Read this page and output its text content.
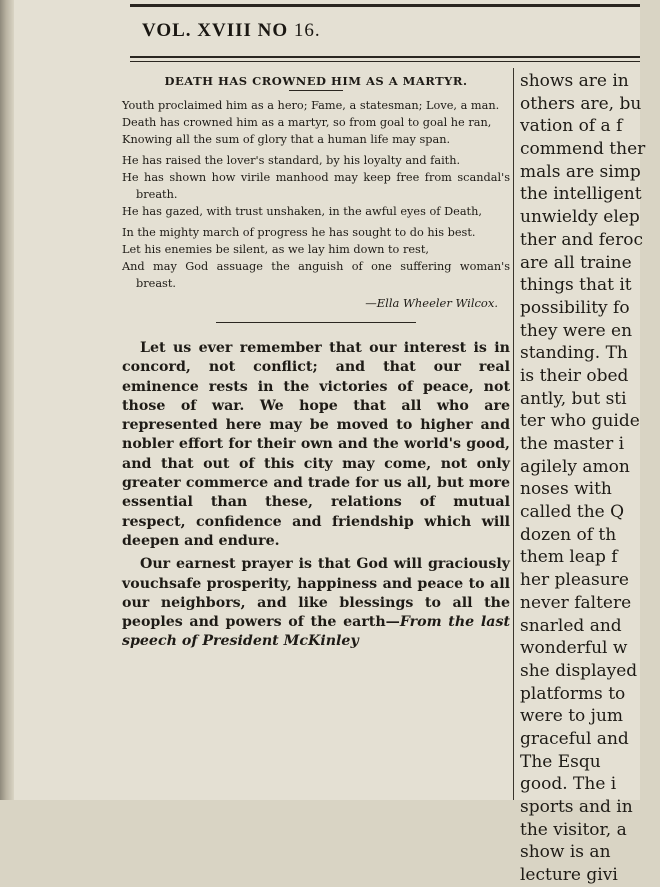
VOL. XVIII NO 16.
DEATH HAS CROWNED HIM AS A MARTYR.

Youth proclaimed him as a hero; Fame, a statesman; Love, a man.

Death has crowned him as a martyr, so from goal to goal he ran,

Knowing all the sum of glory that a human life may span.

He has raised the lover's standard, by his loyalty and faith.

He has shown how virile manhood may keep free from scandal's breath.

He has gazed, with trust unshaken, in the awful eyes of Death,

In the mighty march of progress he has sought to do his best.

Let his enemies be silent, as we lay him down to rest,

And may God assuage the anguish of one suffering woman's breast.

—Ella Wheeler Wilcox.

Let us ever remember that our interest is in concord, not conflict; and that our real eminence rests in the victories of peace, not those of war. We hope that all who are represented here may be moved to higher and nobler effort for their own and the world's good, and that out of this city may come, not only greater commerce and trade for us all, but more essential than these, relations of mutual respect, confidence and friendship which will deepen and endure.

Our earnest prayer is that God will graciously vouchsafe prosperity, happiness and peace to all our neighbors, and like blessings to all the peoples and powers of the earth—From the last speech of President McKinley

shows are in
others are, bu
vation of a f
commend ther
mals are simp
the intelligent
unwieldy elep
ther and feroc
are all traine
things that it
possibility fo
they were en
standing. Th
is their obed
antly, but sti
ter who guide
the master i
agilely amon
noses with
called the Q
dozen of th
them leap f
her pleasure
never faltere
snarled and
wonderful w
she displayed
platforms to
were to jum
graceful and
The Esqu
good. The i
sports and in
the visitor, a
show is an
lecture givi
